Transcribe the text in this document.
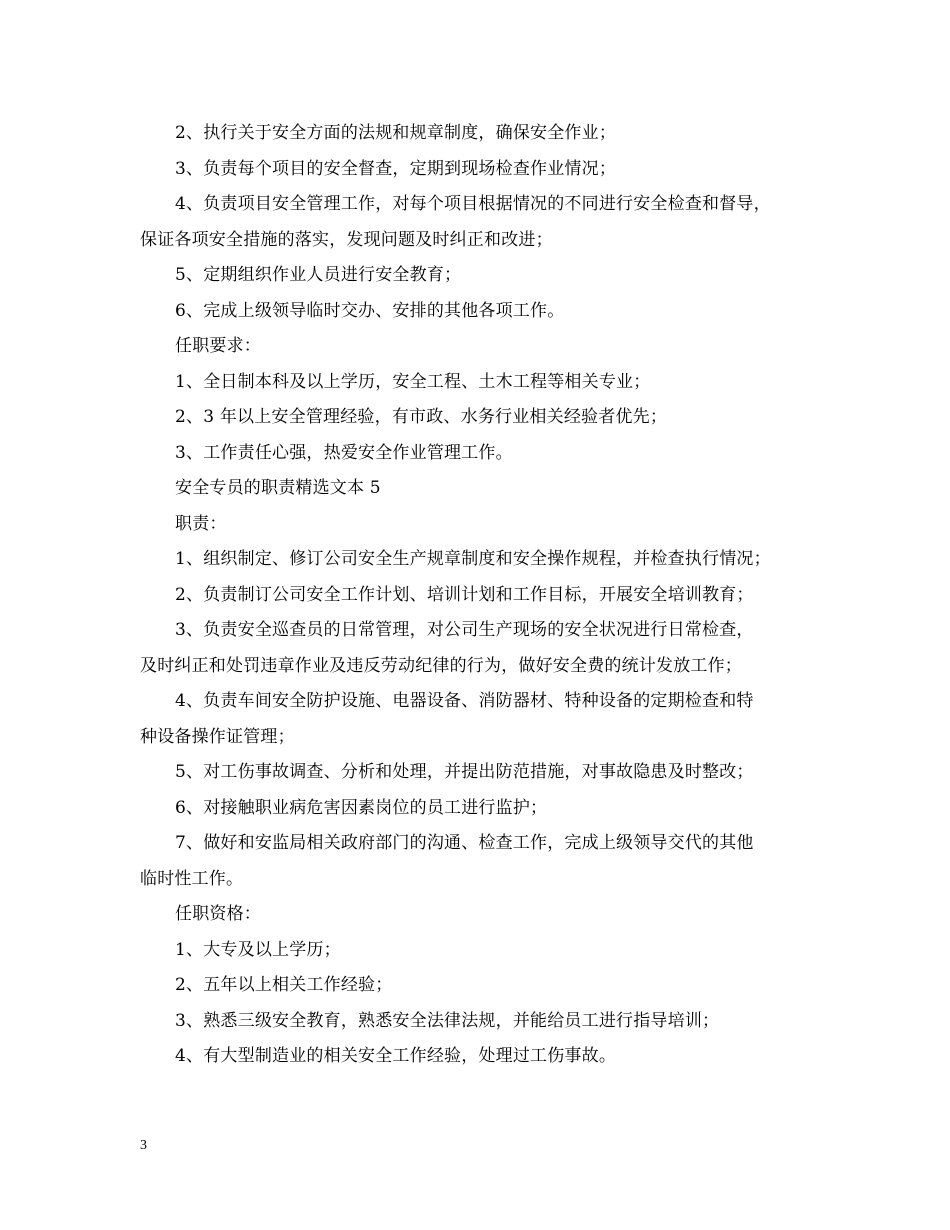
2、执行关于安全方面的法规和规章制度，确保安全作业；
3、负责每个项目的安全督查，定期到现场检查作业情况；
4、负责项目安全管理工作，对每个项目根据情况的不同进行安全检查和督导，
保证各项安全措施的落实，发现问题及时纠正和改进；
5、定期组织作业人员进行安全教育；
6、完成上级领导临时交办、安排的其他各项工作。
任职要求：
1、全日制本科及以上学历，安全工程、土木工程等相关专业；
2、3 年以上安全管理经验，有市政、水务行业相关经验者优先；
3、工作责任心强，热爱安全作业管理工作。
安全专员的职责精选文本 5
职责：
1、组织制定、修订公司安全生产规章制度和安全操作规程，并检查执行情况；
2、负责制订公司安全工作计划、培训计划和工作目标，开展安全培训教育；
3、负责安全巡查员的日常管理，对公司生产现场的安全状况进行日常检查，
及时纠正和处罚违章作业及违反劳动纪律的行为，做好安全费的统计发放工作；
4、负责车间安全防护设施、电器设备、消防器材、特种设备的定期检查和特
种设备操作证管理；
5、对工伤事故调查、分析和处理，并提出防范措施，对事故隐患及时整改；
6、对接触职业病危害因素岗位的员工进行监护；
7、做好和安监局相关政府部门的沟通、检查工作，完成上级领导交代的其他
临时性工作。
任职资格：
1、大专及以上学历；
2、五年以上相关工作经验；
3、熟悉三级安全教育，熟悉安全法律法规，并能给员工进行指导培训；
4、有大型制造业的相关安全工作经验，处理过工伤事故。
3
